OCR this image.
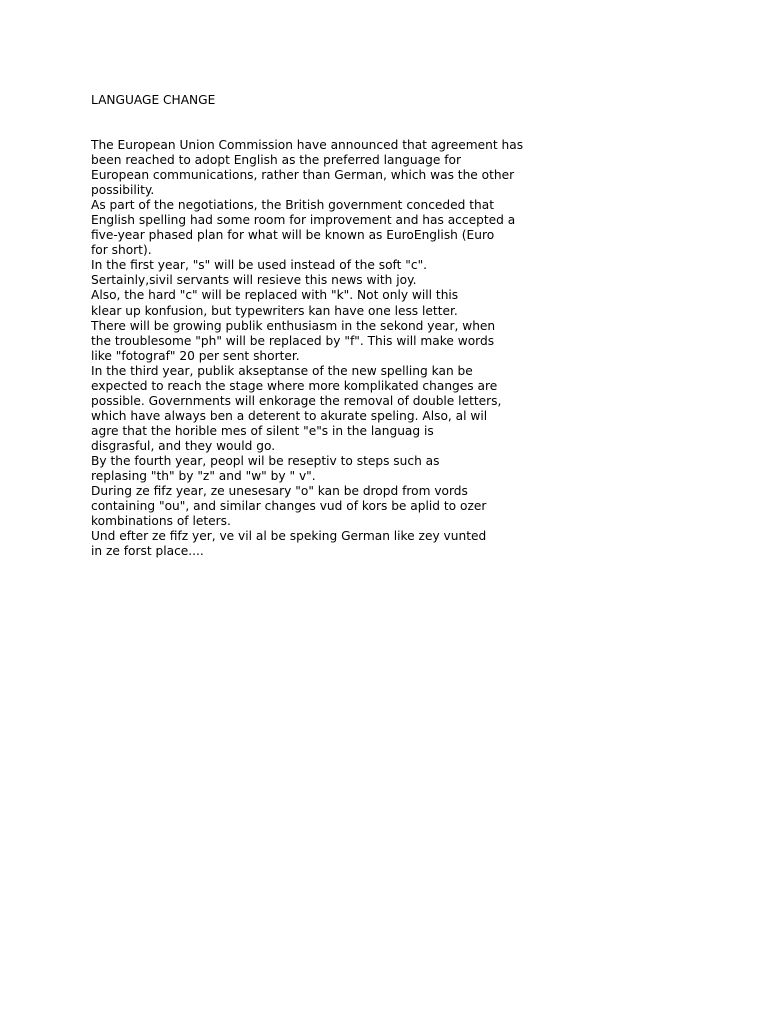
LANGUAGE CHANGE
The European Union Commission have announced that agreement has
been reached to adopt English as the preferred language for
European communications, rather than German, which was the other
possibility.
As part of the negotiations, the British government conceded that
English spelling had some room for improvement and has accepted a
five-year phased plan for what will be known as EuroEnglish (Euro
for short).
In the first year, "s" will be used instead of the soft "c".
Sertainly,sivil servants will resieve this news with joy.
Also, the hard "c" will be replaced with "k". Not only will this
klear up konfusion, but typewriters kan have one less letter.
There will be growing publik enthusiasm in the sekond year, when
the troublesome "ph" will be replaced by "f". This will make words
like "fotograf" 20 per sent shorter.
In the third year, publik akseptanse of the new spelling kan be
expected to reach the stage where more komplikated changes are
possible. Governments will enkorage the removal of double letters,
which have always ben a deterent to akurate speling. Also, al wil
agre that the horible mes of silent "e"s in the languag is
disgrasful, and they would go.
By the fourth year, peopl wil be reseptiv to steps such as
replasing "th" by "z" and "w" by " v".
During ze fifz year, ze unesesary "o" kan be dropd from vords
containing "ou", and similar changes vud of kors be aplid to ozer
kombinations of leters.
Und efter ze fifz yer, ve vil al be speking German like zey vunted
in ze forst place....
